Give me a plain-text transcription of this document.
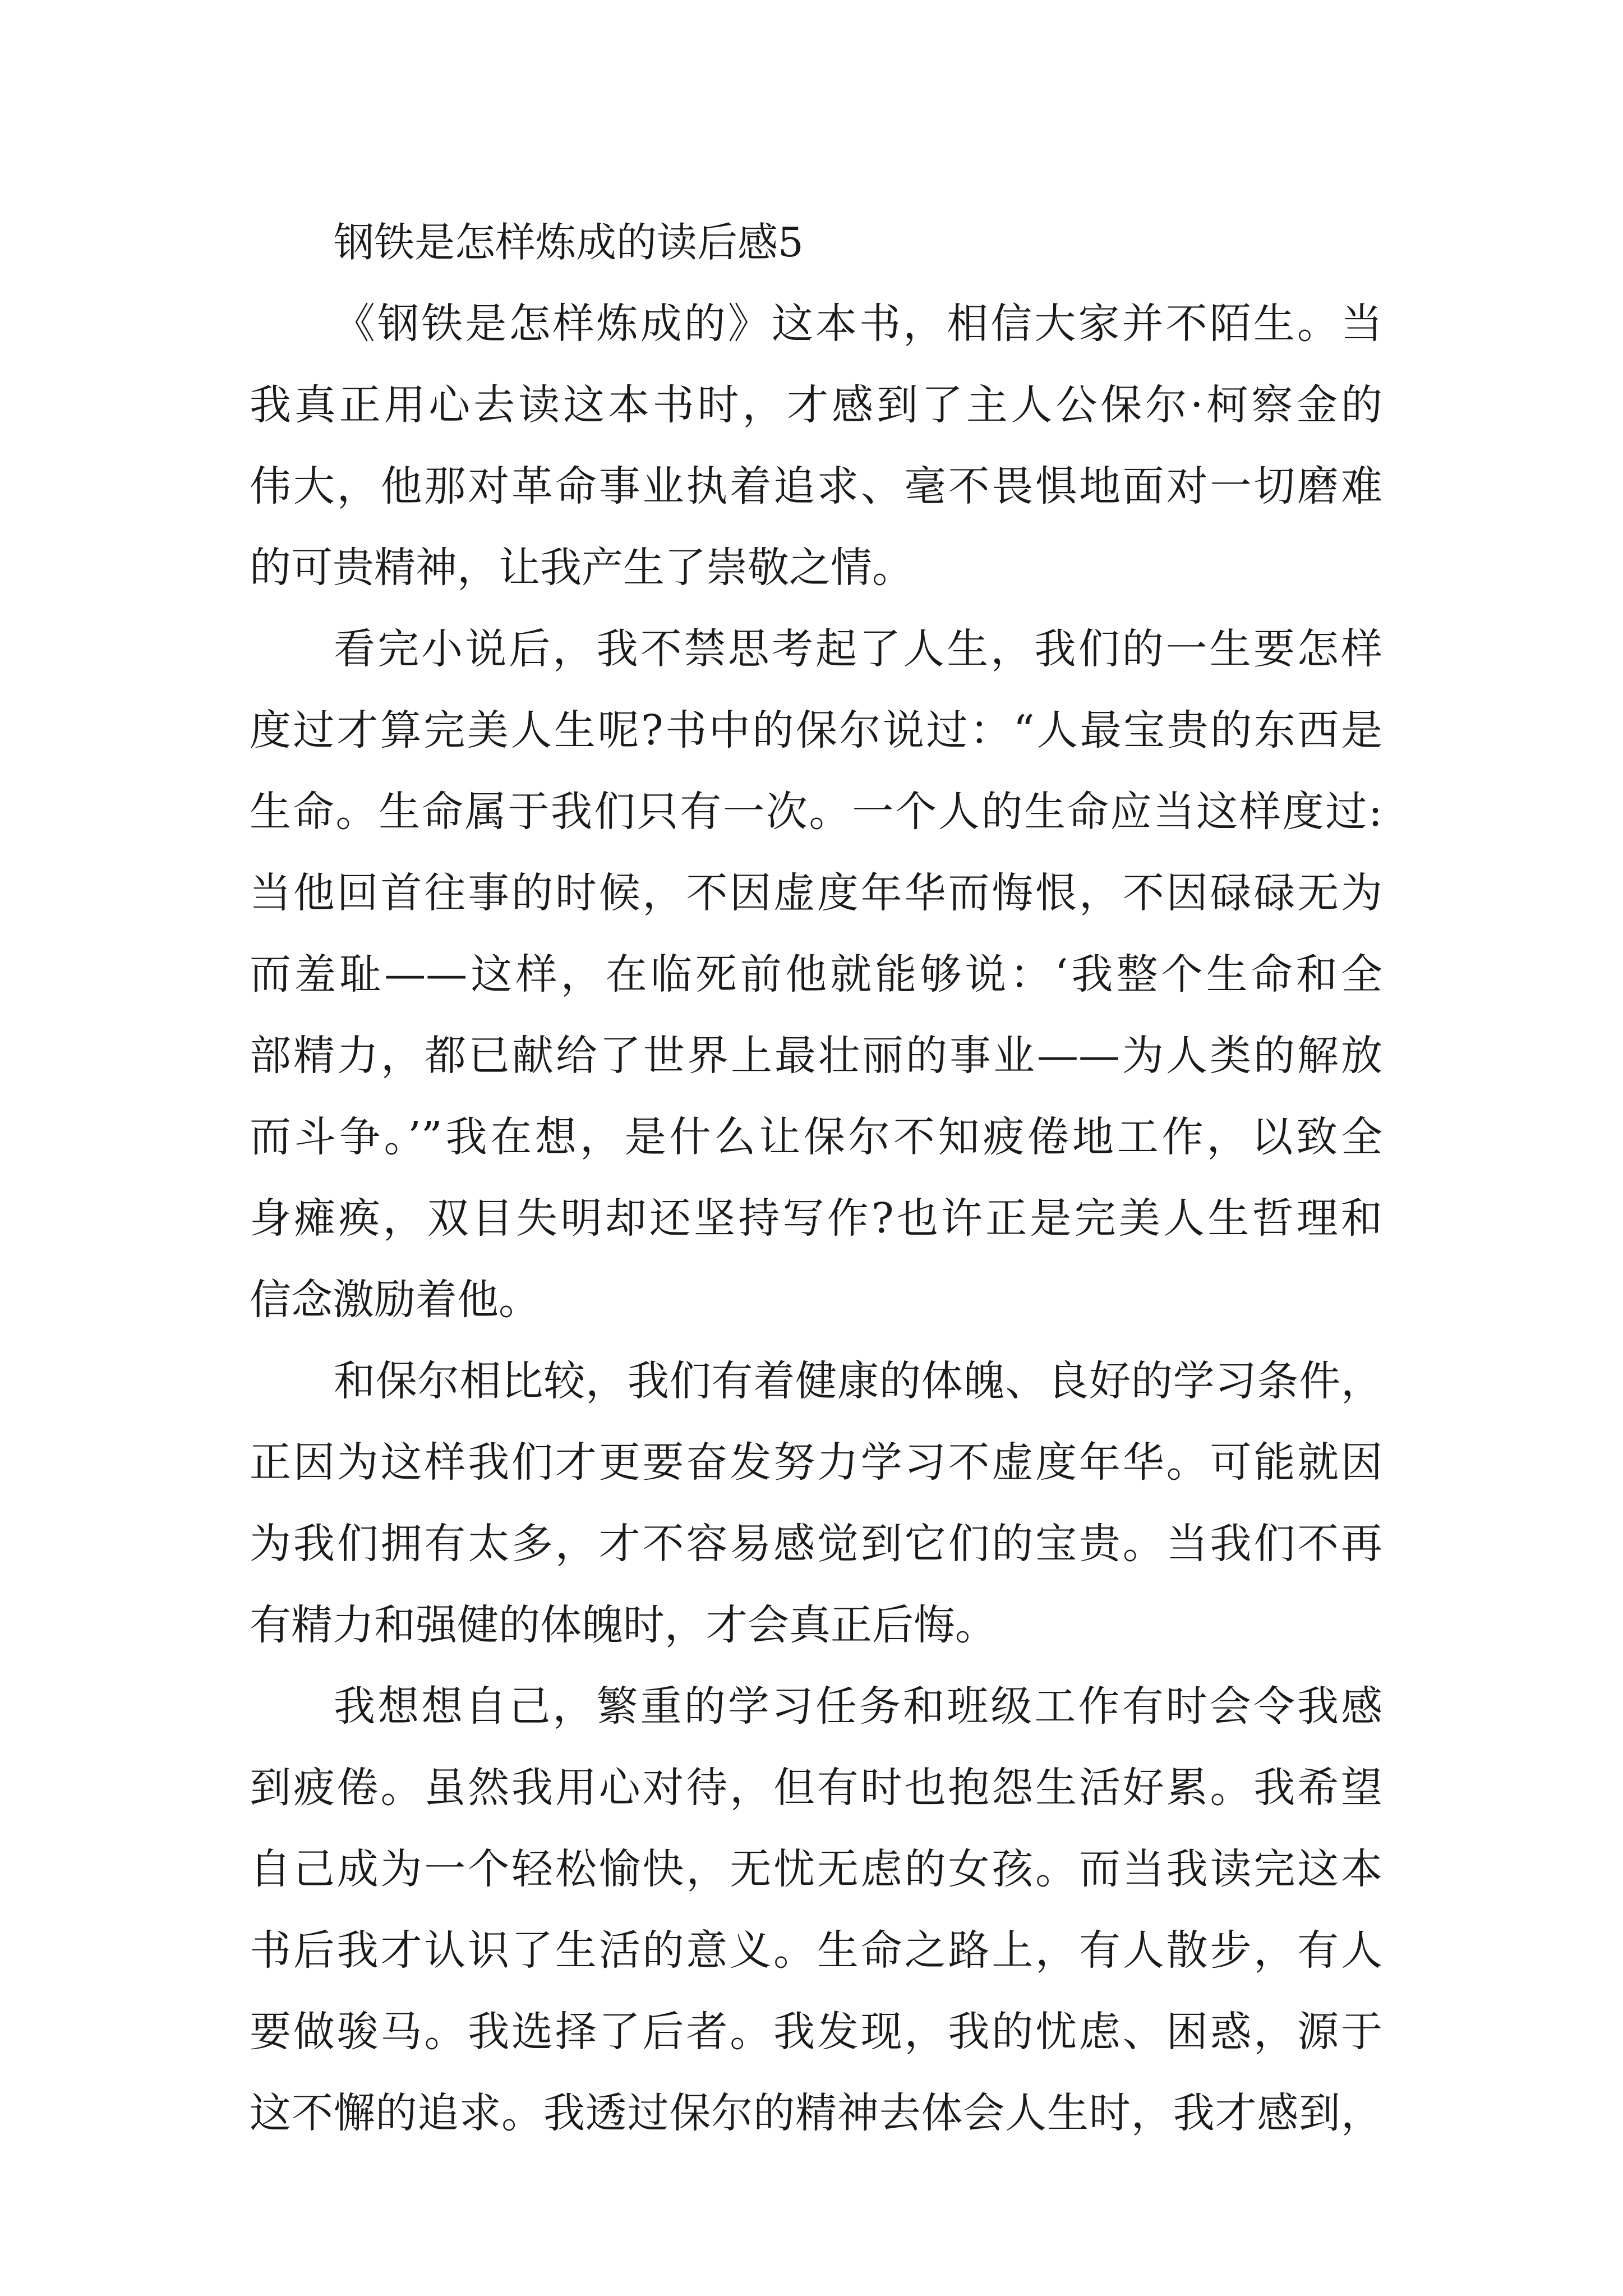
钢铁是怎样炼成的读后感5
《钢铁是怎样炼成的》这本书，相信大家并不陌生。当
我真正用心去读这本书时，才感到了主人公保尔·柯察金的
伟大，他那对革命事业执着追求、毫不畏惧地面对一切磨难
的可贵精神，让我产生了崇敬之情。
看完小说后，我不禁思考起了人生，我们的一生要怎样
度过才算完美人生呢?书中的保尔说过：“人最宝贵的东西是
生命。生命属于我们只有一次。一个人的生命应当这样度过:
当他回首往事的时候，不因虚度年华而悔恨，不因碌碌无为
而羞耻——这样，在临死前他就能够说：‘我整个生命和全
部精力，都已献给了世界上最壮丽的事业——为人类的解放
而斗争。’”我在想，是什么让保尔不知疲倦地工作，以致全
身瘫痪，双目失明却还坚持写作?也许正是完美人生哲理和
信念激励着他。
和保尔相比较，我们有着健康的体魄、良好的学习条件，
正因为这样我们才更要奋发努力学习不虚度年华。可能就因
为我们拥有太多，才不容易感觉到它们的宝贵。当我们不再
有精力和强健的体魄时，才会真正后悔。
我想想自己，繁重的学习任务和班级工作有时会令我感
到疲倦。虽然我用心对待，但有时也抱怨生活好累。我希望
自己成为一个轻松愉快，无忧无虑的女孩。而当我读完这本
书后我才认识了生活的意义。生命之路上，有人散步，有人
要做骏马。我选择了后者。我发现，我的忧虑、困惑，源于
这不懈的追求。我透过保尔的精神去体会人生时，我才感到，
